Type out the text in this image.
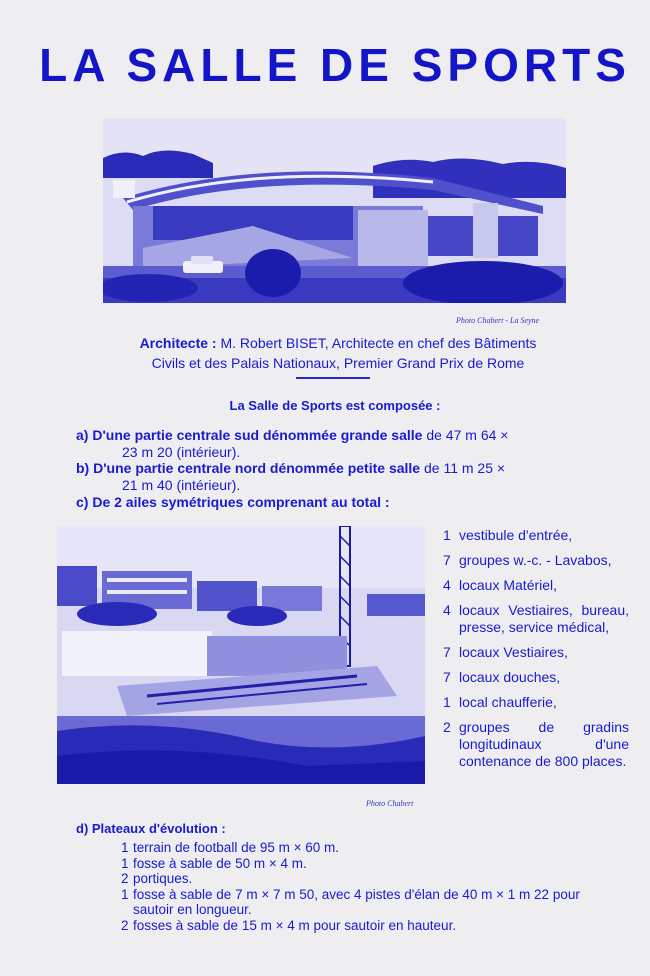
LA SALLE DE SPORTS
Photo Chabert - La Seyne
Architecte : M. Robert BISET, Architecte en chef des Bâtiments
Civils et des Palais Nationaux, Premier Grand Prix de Rome
La Salle de Sports est composée :
a) D'une partie centrale sud dénommée grande salle de 47 m 64 ×
23 m 20 (intérieur).
b) D'une partie centrale nord dénommée petite salle de 11 m 25 ×
21 m 40 (intérieur).
c) De 2 ailes symétriques comprenant au total :
Photo Chabert
1 vestibule d'entrée,
7 groupes w.-c. - Lavabos,
4 locaux Matériel,
4 locaux Vestiaires, bureau, presse, service médical,
7 locaux Vestiaires,
7 locaux douches,
1 local chaufferie,
2 groupes de gradins longitudinaux d'une contenance de 800 places.
d) Plateaux d'évolution :
1 terrain de football de 95 m × 60 m.
1 fosse à sable de 50 m × 4 m.
2 portiques.
1 fosse à sable de 7 m × 7 m 50, avec 4 pistes d'élan de 40 m × 1 m 22 pour sautoir en longueur.
2 fosses à sable de 15 m × 4 m pour sautoir en hauteur.
